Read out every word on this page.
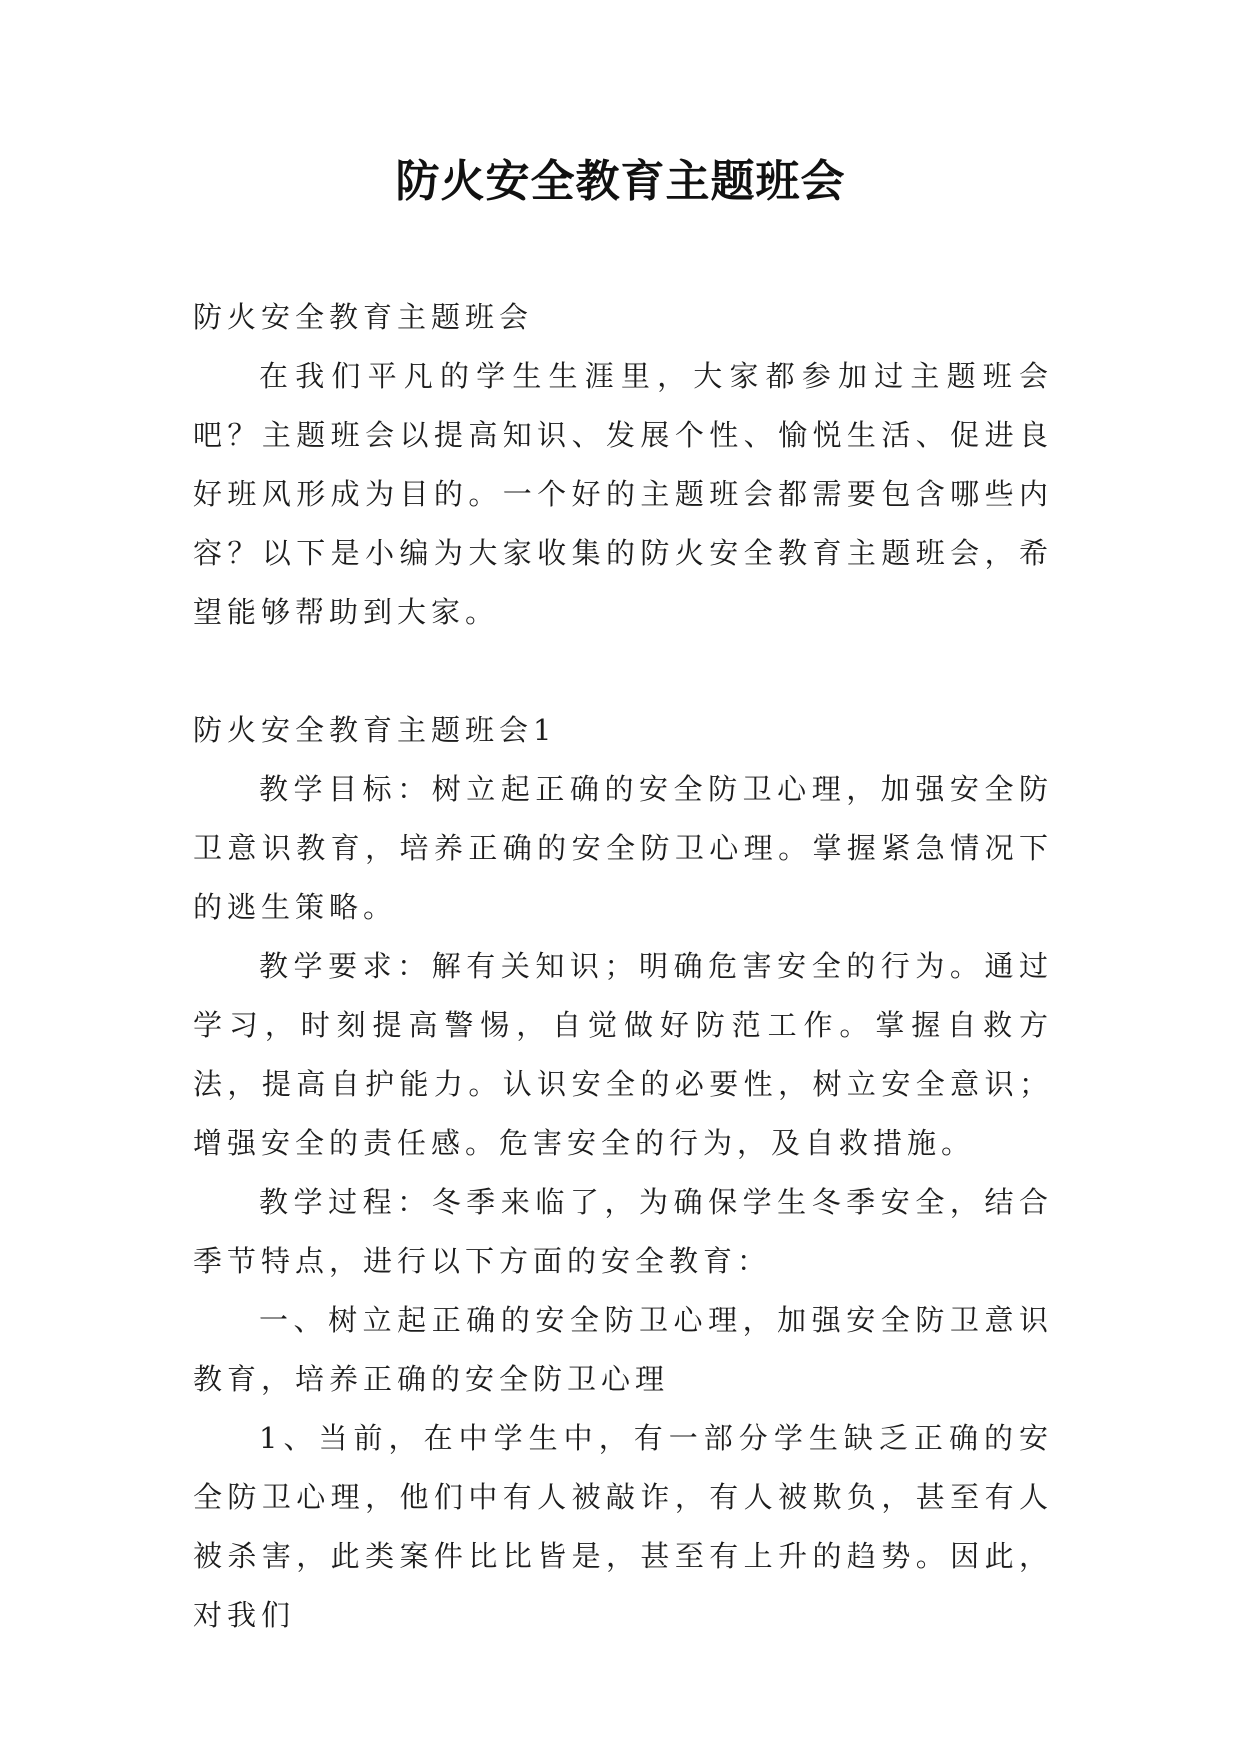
防火安全教育主题班会

防火安全教育主题班会

在我们平凡的学生生涯里，大家都参加过主题班会吧？主题班会以提高知识、发展个性、愉悦生活、促进良好班风形成为目的。一个好的主题班会都需要包含哪些内容？以下是小编为大家收集的防火安全教育主题班会，希望能够帮助到大家。

防火安全教育主题班会1

教学目标：树立起正确的安全防卫心理，加强安全防卫意识教育，培养正确的安全防卫心理。掌握紧急情况下的逃生策略。

教学要求：解有关知识；明确危害安全的行为。通过学习，时刻提高警惕，自觉做好防范工作。掌握自救方法，提高自护能力。认识安全的必要性，树立安全意识；增强安全的责任感。危害安全的行为，及自救措施。

教学过程：冬季来临了，为确保学生冬季安全，结合季节特点，进行以下方面的安全教育：

一、树立起正确的安全防卫心理，加强安全防卫意识教育，培养正确的安全防卫心理

1、当前，在中学生中，有一部分学生缺乏正确的安全防卫心理，他们中有人被敲诈，有人被欺负，甚至有人被杀害，此类案件比比皆是，甚至有上升的趋势。因此，对我们
